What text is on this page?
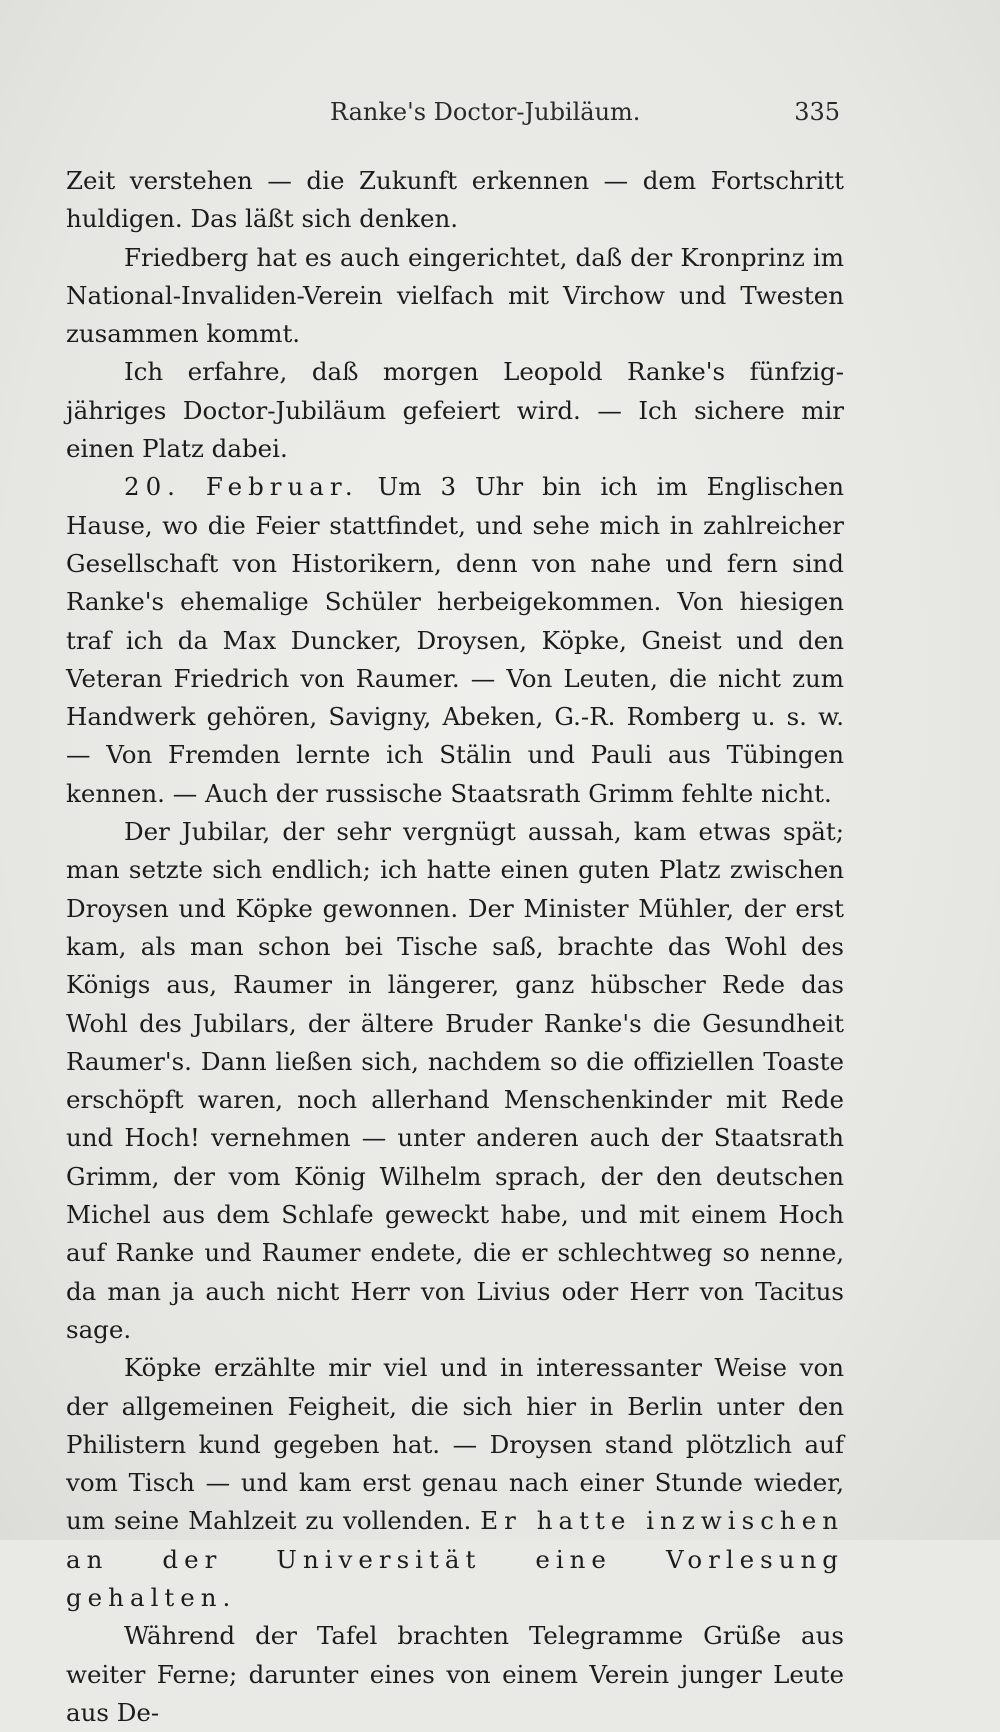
Ranke's Doctor-Jubiläum.	335

Zeit verstehen — die Zukunft erkennen — dem Fortschritt huldigen. Das läßt sich denken.

Friedberg hat es auch eingerichtet, daß der Kronprinz im National-Invaliden-Verein vielfach mit Virchow und Twesten zusammen kommt.

Ich erfahre, daß morgen Leopold Ranke's fünfzig-jähriges Doctor-Jubiläum gefeiert wird. — Ich sichere mir einen Platz dabei.

20. Februar. Um 3 Uhr bin ich im Englischen Hause, wo die Feier stattfindet, und sehe mich in zahlreicher Gesellschaft von Historikern, denn von nahe und fern sind Ranke's ehemalige Schüler herbeigekommen. Von hiesigen traf ich da Max Duncker, Droysen, Köpke, Gneist und den Veteran Friedrich von Raumer. — Von Leuten, die nicht zum Handwerk gehören, Savigny, Abeken, G.-R. Romberg u. s. w. — Von Fremden lernte ich Stälin und Pauli aus Tübingen kennen. — Auch der russische Staatsrath Grimm fehlte nicht.

Der Jubilar, der sehr vergnügt aussah, kam etwas spät; man setzte sich endlich; ich hatte einen guten Platz zwischen Droysen und Köpke gewonnen. Der Minister Mühler, der erst kam, als man schon bei Tische saß, brachte das Wohl des Königs aus, Raumer in längerer, ganz hübscher Rede das Wohl des Jubilars, der ältere Bruder Ranke's die Gesundheit Raumer's. Dann ließen sich, nachdem so die offiziellen Toaste erschöpft waren, noch allerhand Menschenkinder mit Rede und Hoch! vernehmen — unter anderen auch der Staatsrath Grimm, der vom König Wilhelm sprach, der den deutschen Michel aus dem Schlafe geweckt habe, und mit einem Hoch auf Ranke und Raumer endete, die er schlechtweg so nenne, da man ja auch nicht Herr von Livius oder Herr von Tacitus sage.

Köpke erzählte mir viel und in interessanter Weise von der allgemeinen Feigheit, die sich hier in Berlin unter den Philistern kund gegeben hat. — Droysen stand plötzlich auf vom Tisch — und kam erst genau nach einer Stunde wieder, um seine Mahlzeit zu vollenden. Er hatte inzwischen an der Universität eine Vorlesung gehalten.

Während der Tafel brachten Telegramme Grüße aus weiter Ferne; darunter eines von einem Verein junger Leute aus De-
